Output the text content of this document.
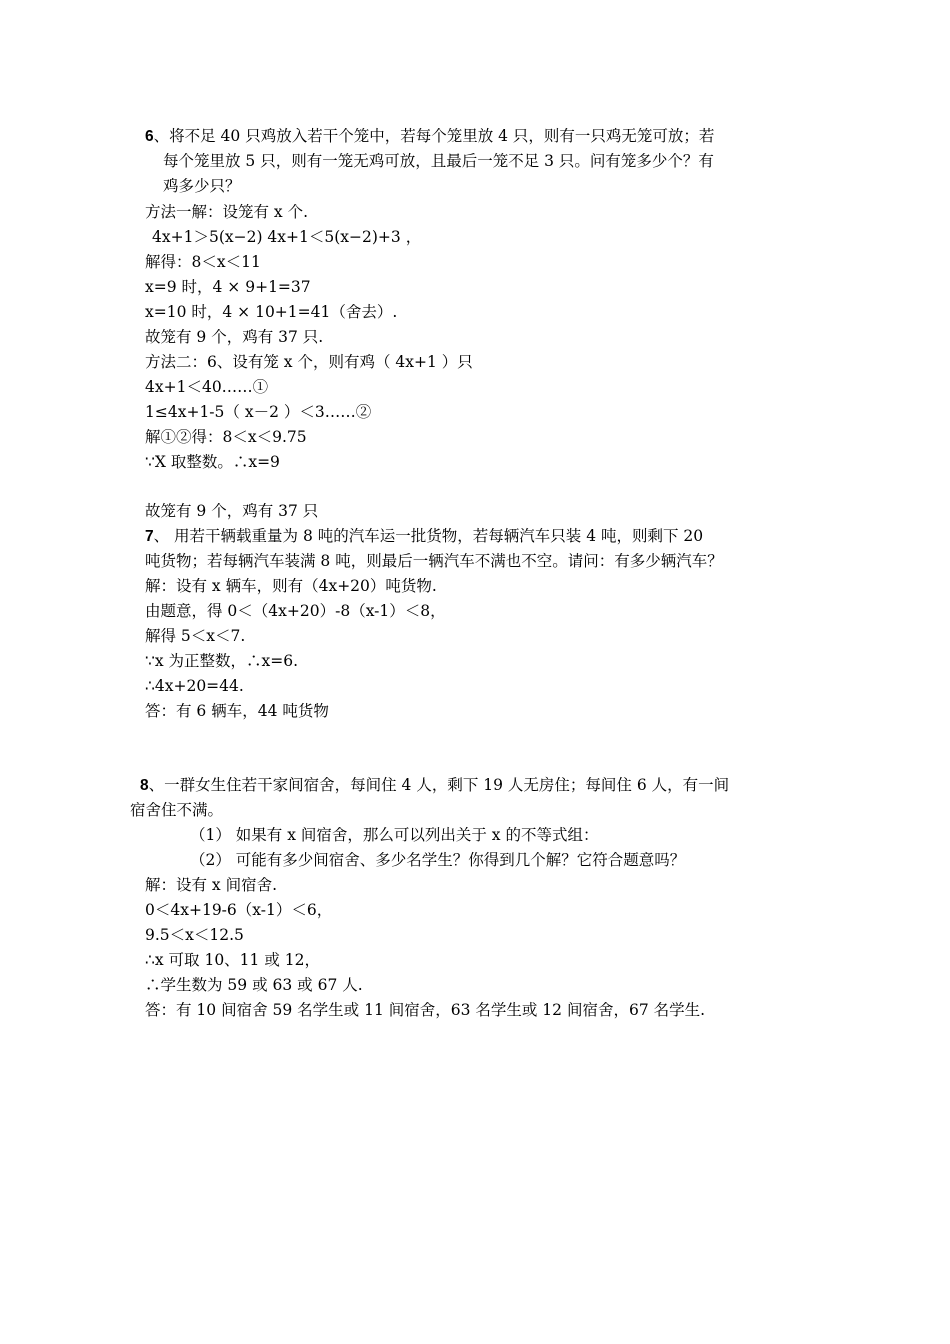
6、将不足 40 只鸡放入若干个笼中，若每个笼里放 4 只，则有一只鸡无笼可放；若
每个笼里放 5 只，则有一笼无鸡可放，且最后一笼不足 3 只。问有笼多少个？有
鸡多少只？
方法一解：设笼有 x 个.
4x+1＞5(x−2) 4x+1＜5(x−2)+3 ，
解得：8＜x＜11
x=9 时，4 × 9+1=37
x=10 时，4 × 10+1=41（舍去）.
故笼有 9 个，鸡有 37 只.
方法二：6、设有笼 x 个，则有鸡（ 4x+1 ）只
4x+1＜40……①
1≤4x+1-5（ x－2 ）＜3……②
解①②得：8＜x＜9.75
∵X 取整数。∴x=9
故笼有 9 个，鸡有 37 只
7、 用若干辆载重量为 8 吨的汽车运一批货物，若每辆汽车只装 4 吨，则剩下 20
吨货物；若每辆汽车装满 8 吨，则最后一辆汽车不满也不空。请问：有多少辆汽车？
解：设有 x 辆车，则有（4x+20）吨货物.
由题意，得 0＜（4x+20）-8（x-1）＜8，
解得 5＜x＜7.
∵x 为正整数，∴x=6.
∴4x+20=44.
答：有 6 辆车，44 吨货物
8、一群女生住若干家间宿舍，每间住 4 人，剩下 19 人无房住；每间住 6 人，有一间
宿舍住不满。
（1） 如果有 x 间宿舍，那么可以列出关于 x 的不等式组：
（2） 可能有多少间宿舍、多少名学生？你得到几个解？它符合题意吗？
解：设有 x 间宿舍.
0＜4x+19-6（x-1）＜6，
9.5＜x＜12.5
∴x 可取 10、11 或 12，
∴学生数为 59 或 63 或 67 人.
答：有 10 间宿舍 59 名学生或 11 间宿舍，63 名学生或 12 间宿舍，67 名学生.
